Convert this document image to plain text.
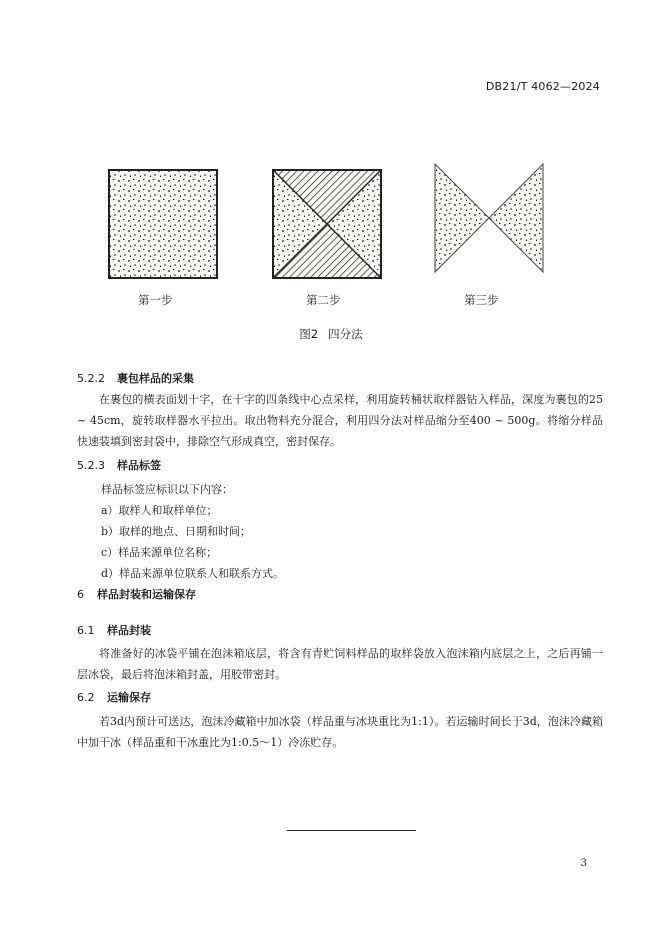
DB21/T 4062—2024
第一步	第二步	第三步
图2 四分法
5.2.2 裹包样品的采集
在裹包的横表面划十字，在十字的四条线中心点采样，利用旋转桶状取样器钻入样品，深度为裹包的25 ~ 45cm，旋转取样器水平拉出。取出物料充分混合，利用四分法对样品缩分至400 ~ 500g。将缩分样品快速装填到密封袋中，排除空气形成真空，密封保存。
5.2.3 样品标签
样品标签应标识以下内容：
a）取样人和取样单位；
b）取样的地点、日期和时间；
c）样品来源单位名称；
d）样品来源单位联系人和联系方式。
6 样品封装和运输保存
6.1 样品封装
将准备好的冰袋平铺在泡沫箱底层，将含有青贮饲料样品的取样袋放入泡沫箱内底层之上，之后再铺一层冰袋，最后将泡沫箱封盖，用胶带密封。
6.2 运输保存
若3d内预计可送达，泡沫冷藏箱中加冰袋（样品重与冰块重比为1:1）。若运输时间长于3d，泡沫冷藏箱中加干冰（样品重和干冰重比为1:0.5～1）冷冻贮存。
3
